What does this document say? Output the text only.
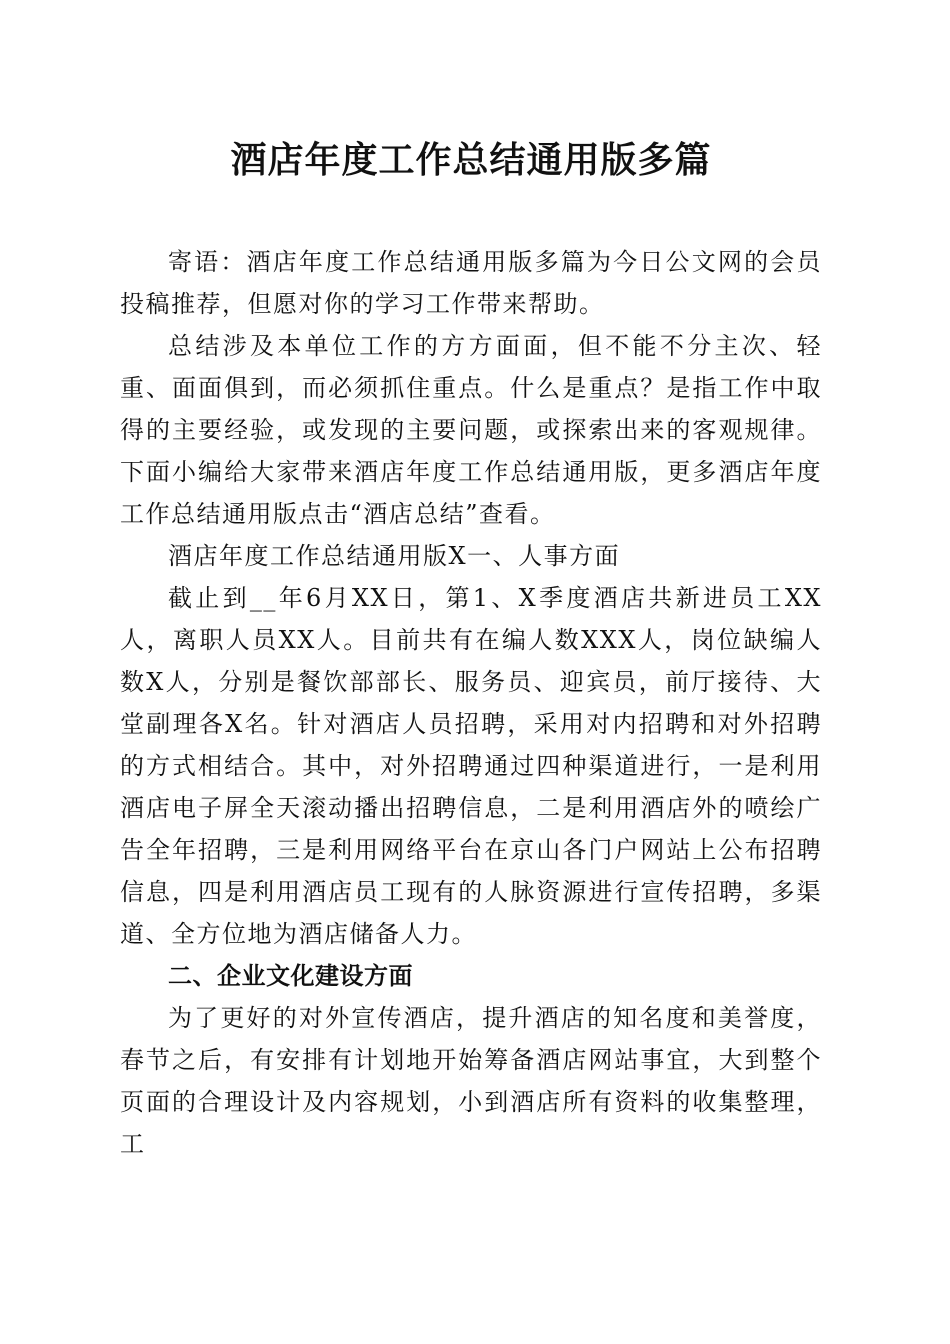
酒店年度工作总结通用版多篇

寄语：酒店年度工作总结通用版多篇为今日公文网的会员投稿推荐，但愿对你的学习工作带来帮助。

总结涉及本单位工作的方方面面，但不能不分主次、轻重、面面俱到，而必须抓住重点。什么是重点？是指工作中取得的主要经验，或发现的主要问题，或探索出来的客观规律。下面小编给大家带来酒店年度工作总结通用版，更多酒店年度工作总结通用版点击“酒店总结”查看。

酒店年度工作总结通用版X一、人事方面

截止到__年6月XX日，第1、X季度酒店共新进员工XX人，离职人员XX人。目前共有在编人数XXX人，岗位缺编人数X人，分别是餐饮部部长、服务员、迎宾员，前厅接待、大堂副理各X名。针对酒店人员招聘，采用对内招聘和对外招聘的方式相结合。其中，对外招聘通过四种渠道进行，一是利用酒店电子屏全天滚动播出招聘信息，二是利用酒店外的喷绘广告全年招聘，三是利用网络平台在京山各门户网站上公布招聘信息，四是利用酒店员工现有的人脉资源进行宣传招聘，多渠道、全方位地为酒店储备人力。

二、企业文化建设方面

为了更好的对外宣传酒店，提升酒店的知名度和美誉度，春节之后，有安排有计划地开始筹备酒店网站事宜，大到整个页面的合理设计及内容规划，小到酒店所有资料的收集整理，工
